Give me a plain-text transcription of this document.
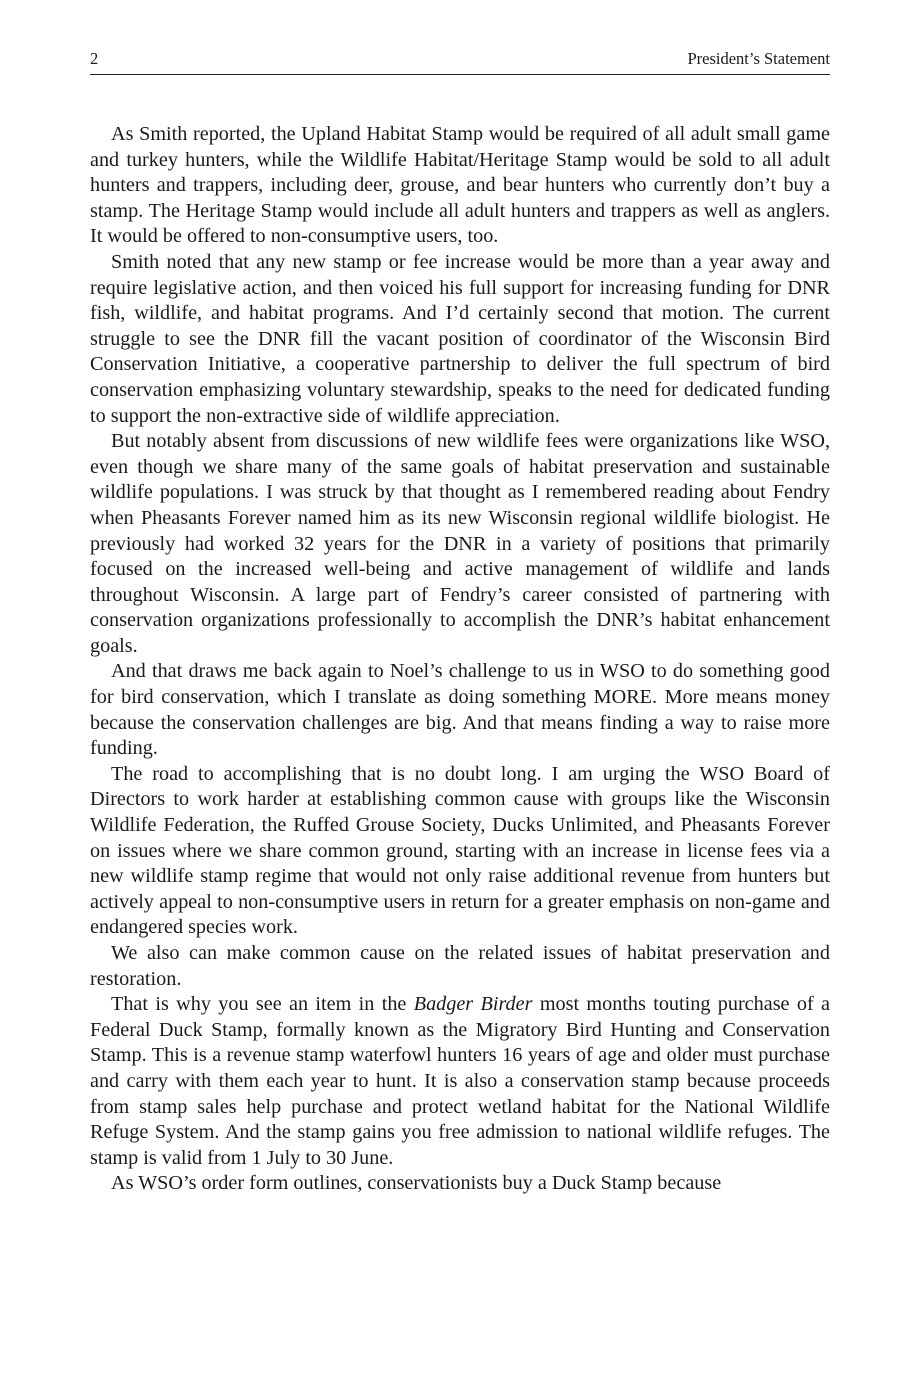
2	President’s Statement

As Smith reported, the Upland Habitat Stamp would be required of all adult small game and turkey hunters, while the Wildlife Habitat/Heritage Stamp would be sold to all adult hunters and trappers, including deer, grouse, and bear hunters who currently don’t buy a stamp. The Heritage Stamp would include all adult hunters and trappers as well as anglers. It would be offered to non-consumptive users, too.

Smith noted that any new stamp or fee increase would be more than a year away and require legislative action, and then voiced his full support for increasing funding for DNR fish, wildlife, and habitat programs. And I’d certainly second that motion. The current struggle to see the DNR fill the vacant position of coordinator of the Wisconsin Bird Conservation Initiative, a cooperative partnership to deliver the full spectrum of bird conservation emphasizing voluntary stewardship, speaks to the need for dedicated funding to support the non-extractive side of wildlife appreciation.

But notably absent from discussions of new wildlife fees were organizations like WSO, even though we share many of the same goals of habitat preservation and sustainable wildlife populations. I was struck by that thought as I remembered reading about Fendry when Pheasants Forever named him as its new Wisconsin regional wildlife biologist. He previously had worked 32 years for the DNR in a variety of positions that primarily focused on the increased well-being and active management of wildlife and lands throughout Wisconsin. A large part of Fendry’s career consisted of partnering with conservation organizations professionally to accomplish the DNR’s habitat enhancement goals.

And that draws me back again to Noel’s challenge to us in WSO to do something good for bird conservation, which I translate as doing something MORE. More means money because the conservation challenges are big. And that means finding a way to raise more funding.

The road to accomplishing that is no doubt long. I am urging the WSO Board of Directors to work harder at establishing common cause with groups like the Wisconsin Wildlife Federation, the Ruffed Grouse Society, Ducks Unlimited, and Pheasants Forever on issues where we share common ground, starting with an increase in license fees via a new wildlife stamp regime that would not only raise additional revenue from hunters but actively appeal to non-consumptive users in return for a greater emphasis on non-game and endangered species work.

We also can make common cause on the related issues of habitat preservation and restoration.

That is why you see an item in the Badger Birder most months touting purchase of a Federal Duck Stamp, formally known as the Migratory Bird Hunting and Conservation Stamp. This is a revenue stamp waterfowl hunters 16 years of age and older must purchase and carry with them each year to hunt. It is also a conservation stamp because proceeds from stamp sales help purchase and protect wetland habitat for the National Wildlife Refuge System. And the stamp gains you free admission to national wildlife refuges. The stamp is valid from 1 July to 30 June.

As WSO’s order form outlines, conservationists buy a Duck Stamp because
